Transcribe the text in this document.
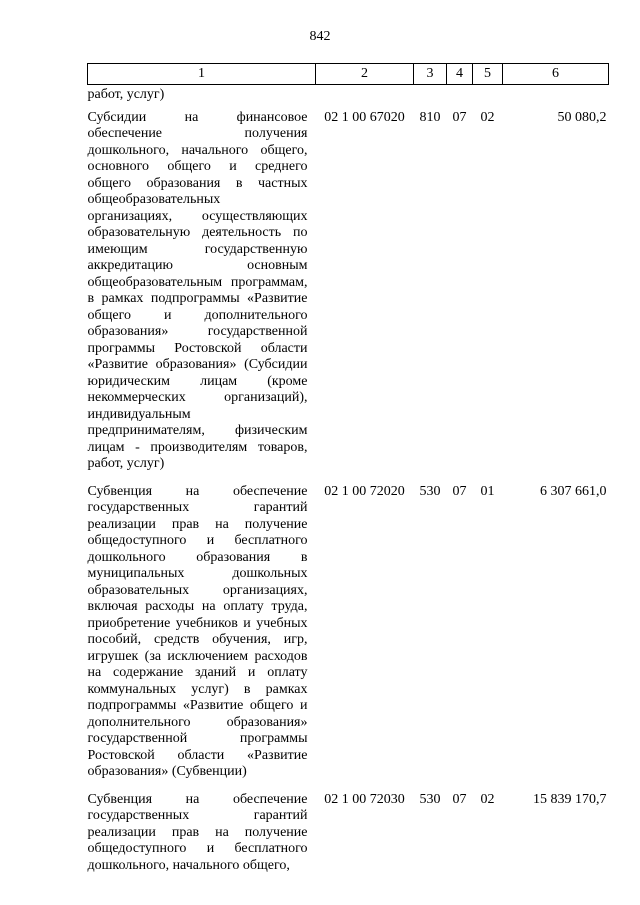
842
1	2	3	4	5	6
работ, услуг)					
Субсидии на финансовое обеспечение получения дошкольного, начального общего, основного общего и среднего общего образования в частных общеобразовательных организациях, осуществляющих образовательную деятельность по имеющим государственную аккредитацию основным общеобразовательным программам, в рамках подпрограммы «Развитие общего и дополнительного образования» государственной программы Ростовской области «Развитие образования» (Субсидии юридическим лицам (кроме некоммерческих организаций), индивидуальным предпринимателям, физическим лицам - производителям товаров, работ, услуг)	02 1 00 67020	810	07	02	50 080,2
Субвенция на обеспечение государственных гарантий реализации прав на получение общедоступного и бесплатного дошкольного образования в муниципальных дошкольных образовательных организациях, включая расходы на оплату труда, приобретение учебников и учебных пособий, средств обучения, игр, игрушек (за исключением расходов на содержание зданий и оплату коммунальных услуг) в рамках подпрограммы «Развитие общего и дополнительного образования» государственной программы Ростовской области «Развитие образования» (Субвенции)	02 1 00 72020	530	07	01	6 307 661,0
Субвенция на обеспечение государственных гарантий реализации прав на получение общедоступного и бесплатного дошкольного, начального общего,	02 1 00 72030	530	07	02	15 839 170,7
